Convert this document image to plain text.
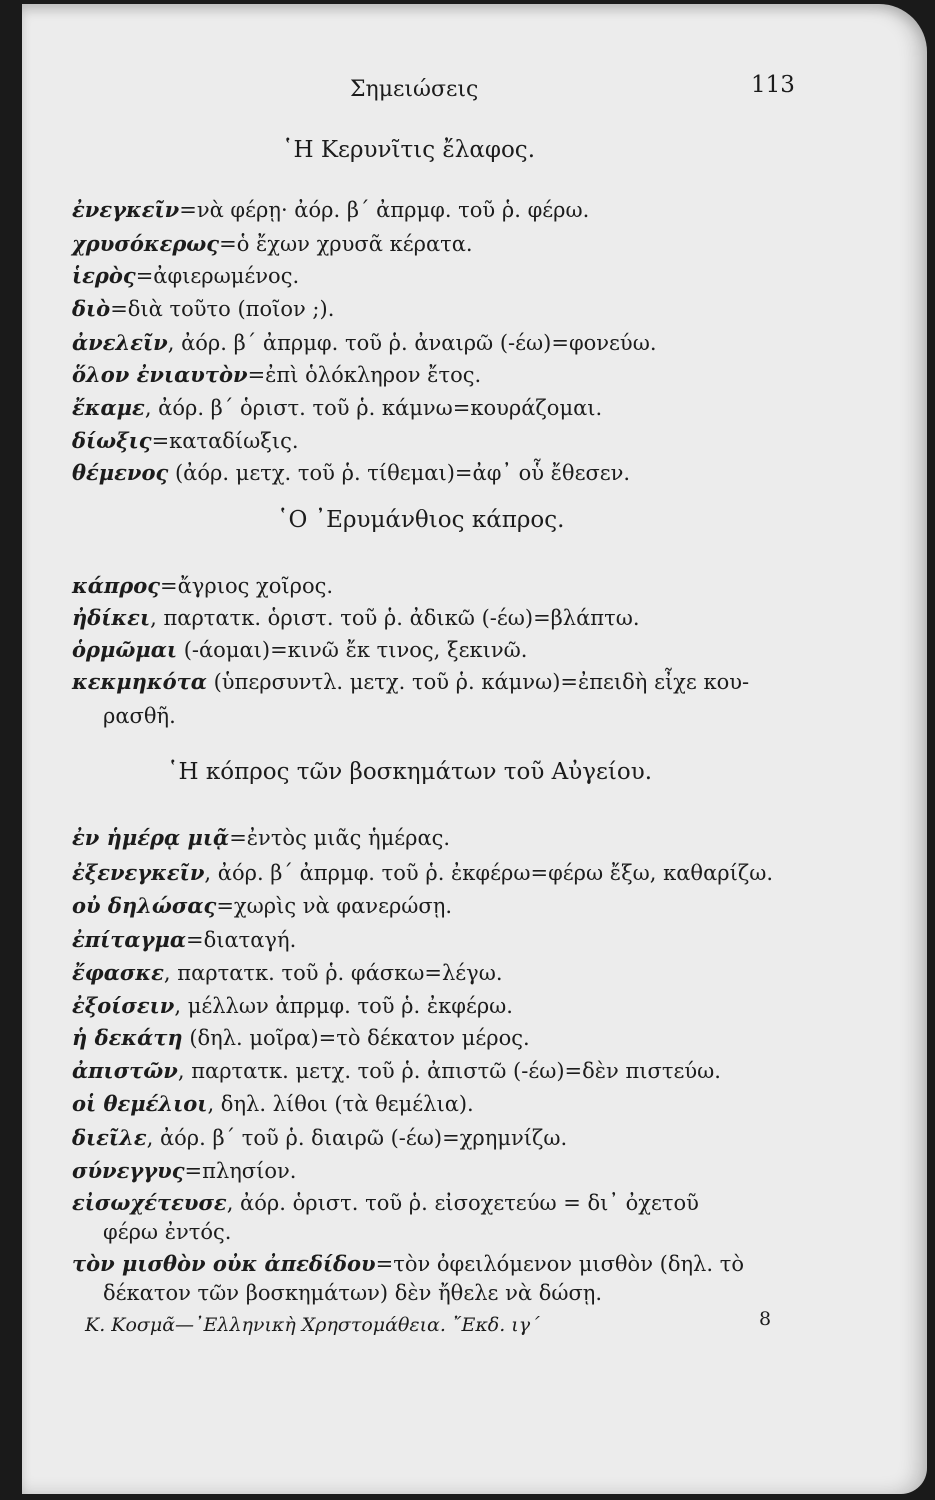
Σημειώσεις	113
῾Η Κερυνῖτις ἔλαφος.
ἐνεγκεῖν=νὰ φέρῃ· ἀόρ. β΄ ἀπρμφ. τοῦ ῥ. φέρω.
χρυσόκερως=ὁ ἔχων χρυσᾶ κέρατα.
ἱερὸς=ἀφιερωμένος.
διὸ=διὰ τοῦτο (ποῖον ;).
ἀνελεῖν, ἀόρ. β΄ ἀπρμφ. τοῦ ῥ. ἀναιρῶ (-έω)=φονεύω.
ὅλον ἐνιαυτὸν=ἐπὶ ὁλόκληρον ἔτος.
ἔκαμε, ἀόρ. β΄ ὁριστ. τοῦ ῥ. κάμνω=κουράζομαι.
δίωξις=καταδίωξις.
θέμενος (ἀόρ. μετχ. τοῦ ῥ. τίθεμαι)=ἀφ᾽ οὗ ἔθεσεν.
῾Ο ᾽Ερυμάνθιος κάπρος.
κάπρος=ἄγριος χοῖρος.
ἠδίκει, παρτατκ. ὁριστ. τοῦ ῥ. ἀδικῶ (-έω)=βλάπτω.
ὁρμῶμαι (-άομαι)=κινῶ ἔκ τινος, ξεκινῶ.
κεκμηκότα (ὑπερσυντλ. μετχ. τοῦ ῥ. κάμνω)=ἐπειδὴ εἶχε κου-
ρασθῆ.
῾Η κόπρος τῶν βοσκημάτων τοῦ Αὐγείου.
ἐν ἡμέρᾳ μιᾷ=ἐντὸς μιᾶς ἡμέρας.
ἐξενεγκεῖν, ἀόρ. β΄ ἀπρμφ. τοῦ ῥ. ἐκφέρω=φέρω ἔξω, καθαρίζω.
οὐ δηλώσας=χωρὶς νὰ φανερώσῃ.
ἐπίταγμα=διαταγή.
ἔφασκε, παρτατκ. τοῦ ῥ. φάσκω=λέγω.
ἐξοίσειν, μέλλων ἀπρμφ. τοῦ ῥ. ἐκφέρω.
ἡ δεκάτη (δηλ. μοῖρα)=τὸ δέκατον μέρος.
ἀπιστῶν, παρτατκ. μετχ. τοῦ ῥ. ἀπιστῶ (-έω)=δὲν πιστεύω.
οἱ θεμέλιοι, δηλ. λίθοι (τὰ θεμέλια).
διεῖλε, ἀόρ. β΄ τοῦ ῥ. διαιρῶ (-έω)=χρημνίζω.
σύνεγγυς=πλησίον.
εἰσωχέτευσε, ἀόρ. ὁριστ. τοῦ ῥ. εἰσοχετεύω = δι᾽ ὀχετοῦ
φέρω ἐντός.
τὸν μισθὸν οὐκ ἀπεδίδου=τὸν ὀφειλόμενον μισθὸν (δηλ. τὸ
δέκατον τῶν βοσκημάτων) δὲν ἤθελε νὰ δώσῃ.
Κ. Κοσμᾶ—᾽Ελληνικὴ Χρηστομάθεια. ῎Εκδ. ιγ΄	8
